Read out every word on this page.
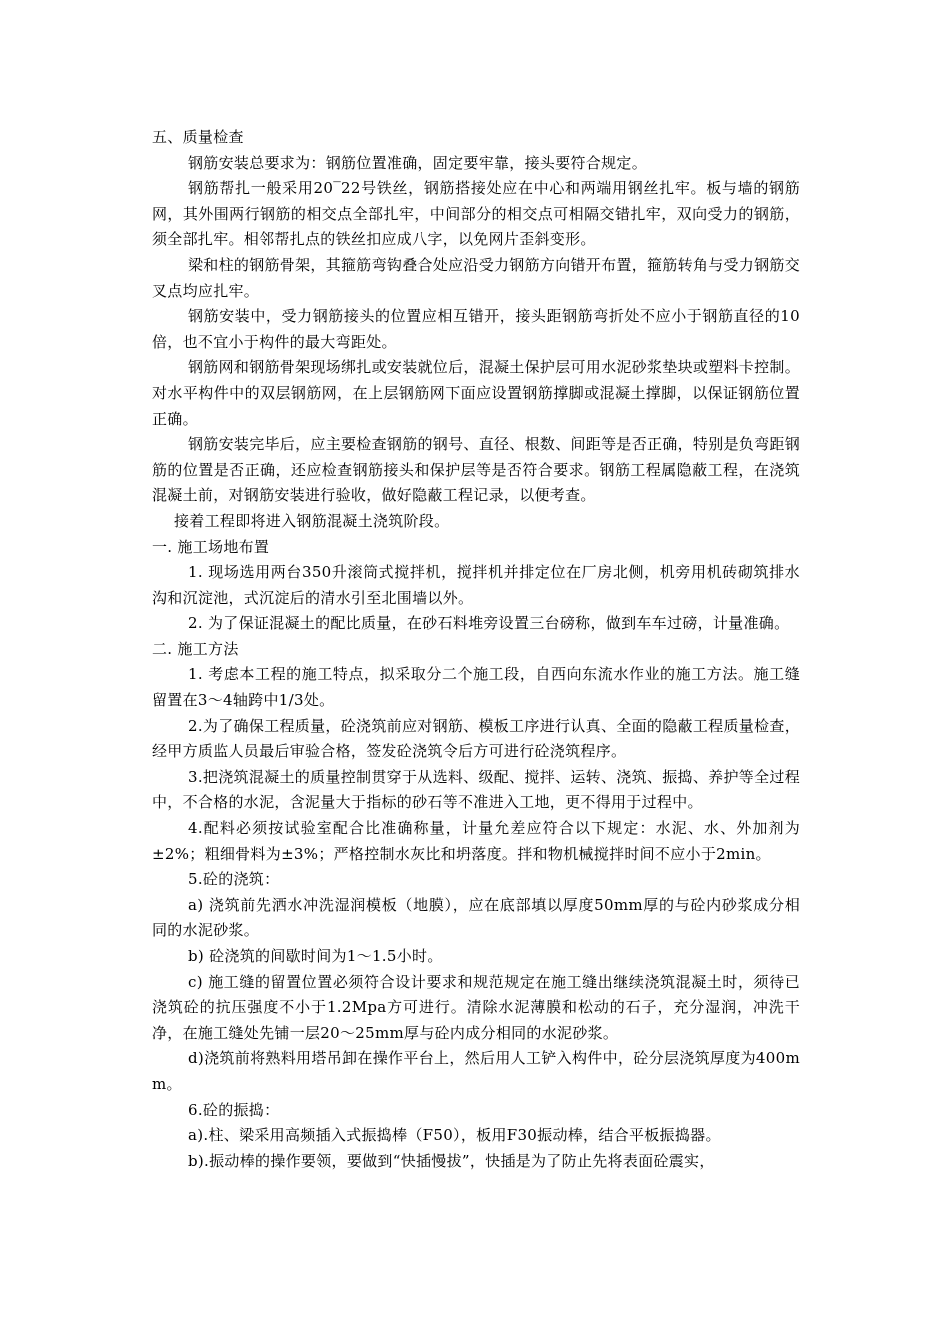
五、质量检查

钢筋安装总要求为：钢筋位置准确，固定要牢靠，接头要符合规定。

钢筋帮扎一般采用20‾22号铁丝，钢筋搭接处应在中心和两端用钢丝扎牢。板与墙的钢筋网，其外围两行钢筋的相交点全部扎牢，中间部分的相交点可相隔交错扎牢，双向受力的钢筋，须全部扎牢。相邻帮扎点的铁丝扣应成八字，以免网片歪斜变形。

梁和柱的钢筋骨架，其箍筋弯钩叠合处应沿受力钢筋方向错开布置，箍筋转角与受力钢筋交叉点均应扎牢。

钢筋安装中，受力钢筋接头的位置应相互错开，接头距钢筋弯折处不应小于钢筋直径的10倍，也不宜小于构件的最大弯距处。

钢筋网和钢筋骨架现场绑扎或安装就位后，混凝土保护层可用水泥砂浆垫块或塑料卡控制。对水平构件中的双层钢筋网，在上层钢筋网下面应设置钢筋撑脚或混凝土撑脚，以保证钢筋位置正确。

钢筋安装完毕后，应主要检查钢筋的钢号、直径、根数、间距等是否正确，特别是负弯距钢筋的位置是否正确，还应检查钢筋接头和保护层等是否符合要求。钢筋工程属隐蔽工程，在浇筑混凝土前，对钢筋安装进行验收，做好隐蔽工程记录，以便考查。

接着工程即将进入钢筋混凝土浇筑阶段。

一. 施工场地布置

1. 现场选用两台350升滚筒式搅拌机，搅拌机并排定位在厂房北侧，机旁用机砖砌筑排水沟和沉淀池，式沉淀后的清水引至北围墙以外。

2. 为了保证混凝土的配比质量，在砂石料堆旁设置三台磅称，做到车车过磅，计量准确。

二. 施工方法

1. 考虑本工程的施工特点，拟采取分二个施工段，自西向东流水作业的施工方法。施工缝留置在3～4轴跨中1/3处。

2.为了确保工程质量，砼浇筑前应对钢筋、模板工序进行认真、全面的隐蔽工程质量检查，经甲方质监人员最后审验合格，签发砼浇筑令后方可进行砼浇筑程序。

3.把浇筑混凝土的质量控制贯穿于从选料、级配、搅拌、运转、浇筑、振捣、养护等全过程中，不合格的水泥，含泥量大于指标的砂石等不准进入工地，更不得用于过程中。

4.配料必须按试验室配合比准确称量，计量允差应符合以下规定：水泥、水、外加剂为±2%；粗细骨料为±3%；严格控制水灰比和坍落度。拌和物机械搅拌时间不应小于2min。

5.砼的浇筑：

a) 浇筑前先洒水冲洗湿润模板（地膜），应在底部填以厚度50mm厚的与砼内砂浆成分相同的水泥砂浆。

b) 砼浇筑的间歇时间为1～1.5小时。

c) 施工缝的留置位置必须符合设计要求和规范规定在施工缝出继续浇筑混凝土时，须待已浇筑砼的抗压强度不小于1.2Mpa方可进行。清除水泥薄膜和松动的石子，充分湿润，冲洗干净，在施工缝处先铺一层20～25mm厚与砼内成分相同的水泥砂浆。

d)浇筑前将熟料用塔吊卸在操作平台上，然后用人工铲入构件中，砼分层浇筑厚度为400mm。

6.砼的振捣：

a).柱、梁采用高频插入式振捣棒（F50），板用F30振动棒，结合平板振捣器。

b).振动棒的操作要领，要做到“快插慢拔”，快插是为了防止先将表面砼震实，
